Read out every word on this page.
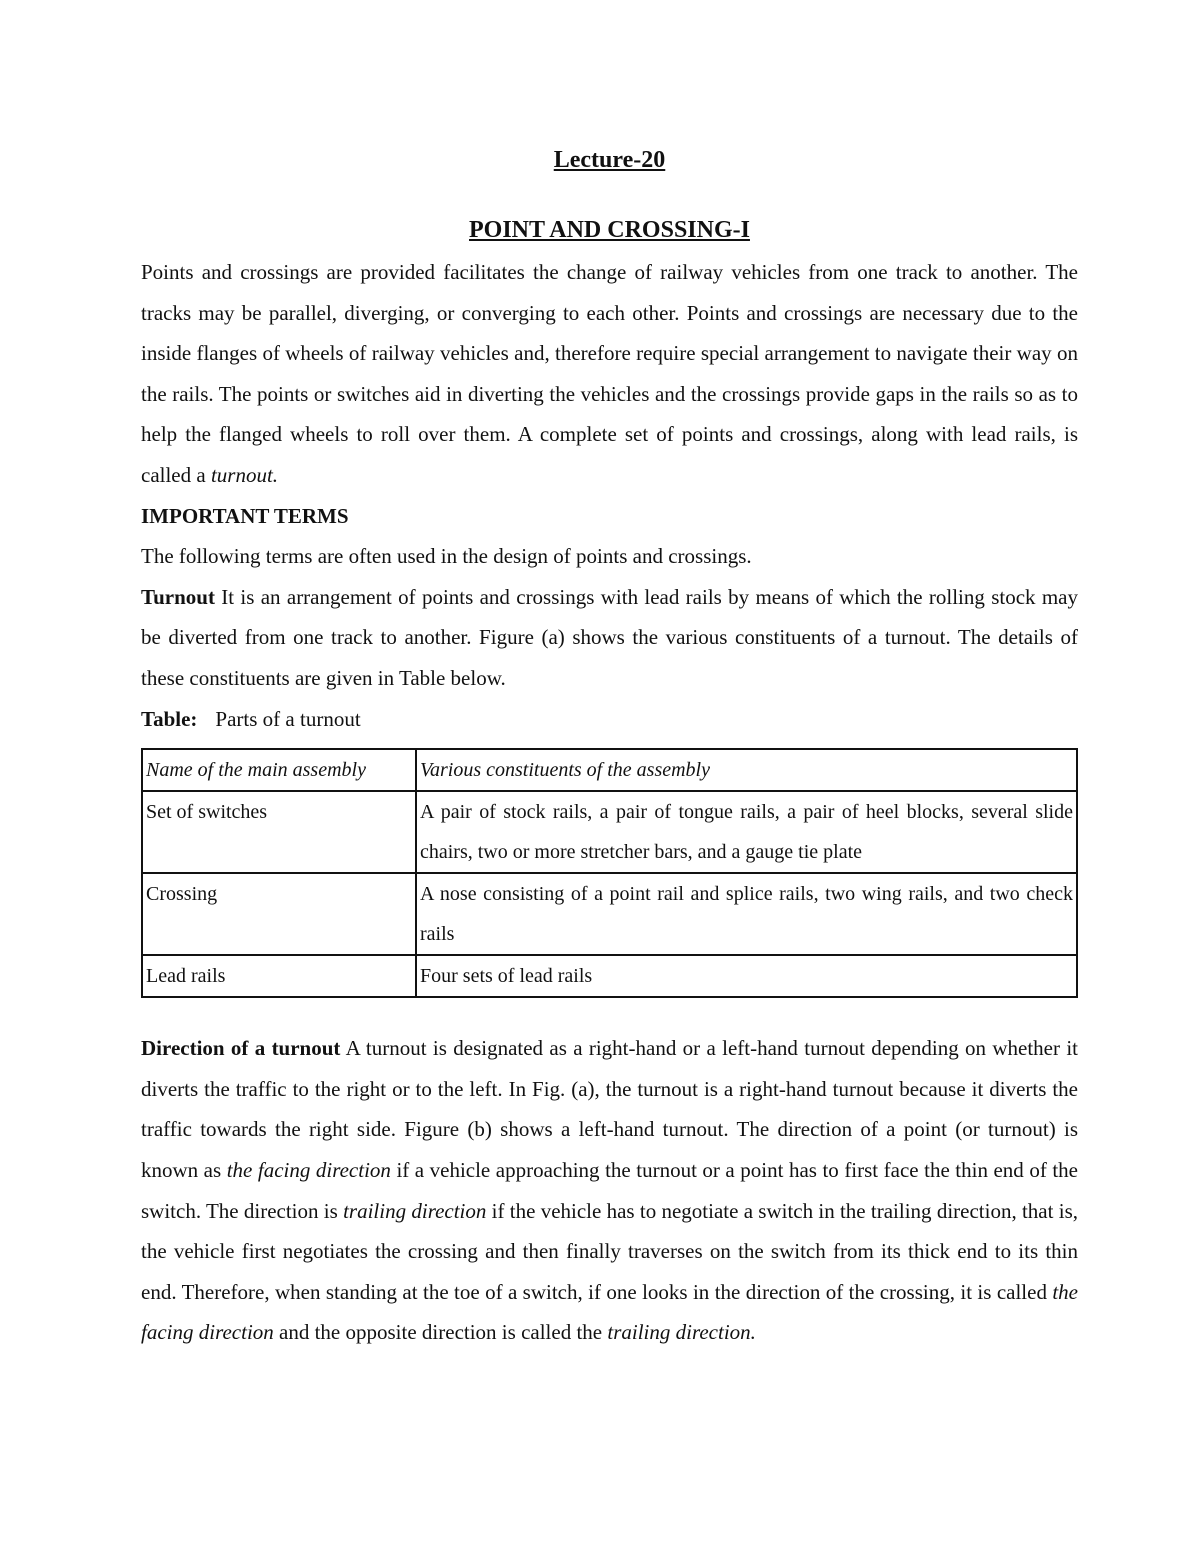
Lecture-20
POINT AND CROSSING-I

Points and crossings are provided facilitates the change of railway vehicles from one track to another. The tracks may be parallel, diverging, or converging to each other. Points and crossings are necessary due to the inside flanges of wheels of railway vehicles and, therefore require special arrangement to navigate their way on the rails. The points or switches aid in diverting the vehicles and the crossings provide gaps in the rails so as to help the flanged wheels to roll over them. A complete set of points and crossings, along with lead rails, is called a turnout.

IMPORTANT TERMS

The following terms are often used in the design of points and crossings.

Turnout It is an arrangement of points and crossings with lead rails by means of which the rolling stock may be diverted from one track to another. Figure (a) shows the various constituents of a turnout. The details of these constituents are given in Table below.

Table: Parts of a turnout
Name of the main assembly	Various constituents of the assembly
Set of switches	A pair of stock rails, a pair of tongue rails, a pair of heel blocks, several slide chairs, two or more stretcher bars, and a gauge tie plate
Crossing	A nose consisting of a point rail and splice rails, two wing rails, and two check rails
Lead rails	Four sets of lead rails

Direction of a turnout A turnout is designated as a right-hand or a left-hand turnout depending on whether it diverts the traffic to the right or to the left. In Fig. (a), the turnout is a right-hand turnout because it diverts the traffic towards the right side. Figure (b) shows a left-hand turnout. The direction of a point (or turnout) is known as the facing direction if a vehicle approaching the turnout or a point has to first face the thin end of the switch. The direction is trailing direction if the vehicle has to negotiate a switch in the trailing direction, that is, the vehicle first negotiates the crossing and then finally traverses on the switch from its thick end to its thin end. Therefore, when standing at the toe of a switch, if one looks in the direction of the crossing, it is called the facing direction and the opposite direction is called the trailing direction.
